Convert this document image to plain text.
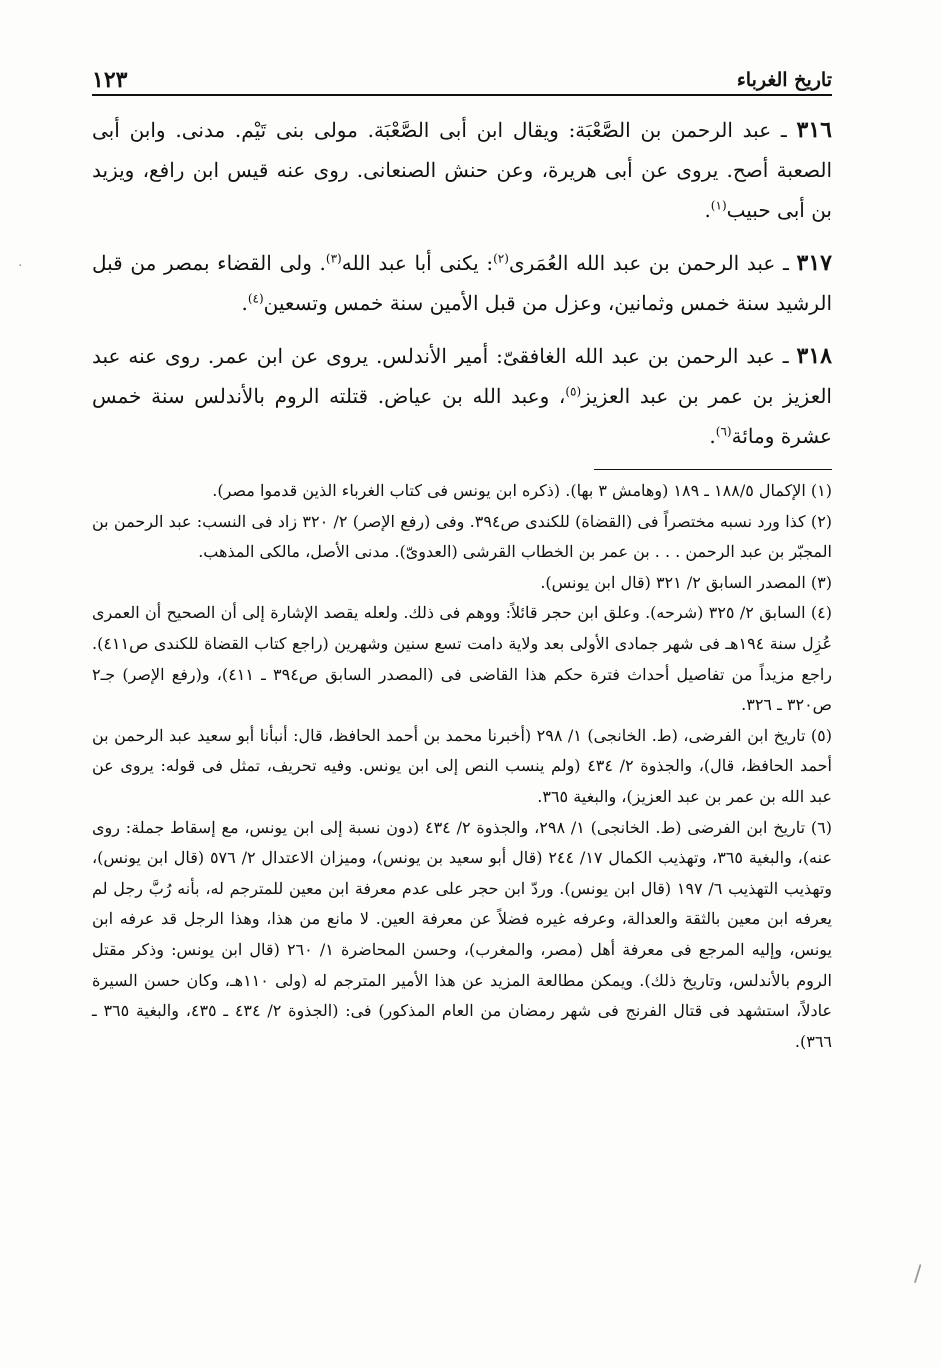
تاريخ الغرباء
١٢٣

٣١٦ ـ عبد الرحمن بن الصَّعْبَة: ويقال ابن أبى الصَّعْبَة. مولى بنى تَيْم. مدنى. وابن أبى الصعبة أصح. يروى عن أبى هريرة، وعن حنش الصنعانى. روى عنه قيس ابن رافع، ويزيد بن أبى حبيب$^{(١)}$.

٣١٧ ـ عبد الرحمن بن عبد الله العُمَرى$^{(٢)}$: يكنى أبا عبد الله$^{(٣)}$. ولى القضاء بمصر من قبل الرشيد سنة خمس وثمانين، وعزل من قبل الأمين سنة خمس وتسعين$^{(٤)}$.

٣١٨ ـ عبد الرحمن بن عبد الله الغافقىّ: أمير الأندلس. يروى عن ابن عمر. روى عنه عبد العزيز بن عمر بن عبد العزيز$^{(٥)}$، وعبد الله بن عياض. قتلته الروم بالأندلس سنة خمس عشرة ومائة$^{(٦)}$.

(١) الإكمال ١٨٨/٥ ـ ١٨٩ (وهامش ٣ بها). (ذكره ابن يونس فى كتاب الغرباء الذين قدموا مصر).

(٢) كذا ورد نسبه مختصراً فى (القضاة) للكندى ص٣٩٤. وفى (رفع الإصر) ٢/ ٣٢٠ زاد فى النسب: عبد الرحمن بن المجبّر بن عبد الرحمن . . . بن عمر بن الخطاب القرشى (العدوىّ). مدنى الأصل، مالكى المذهب.

(٣) المصدر السابق ٢/ ٣٢١ (قال ابن يونس).

(٤) السابق ٢/ ٣٢٥ (شرحه). وعلق ابن حجر قائلاً: ووهم فى ذلك. ولعله يقصد الإشارة إلى أن الصحيح أن العمرى عُزِل سنة ١٩٤هـ فى شهر جمادى الأولى بعد ولاية دامت تسع سنين وشهرين (راجع كتاب القضاة للكندى ص٤١١). راجع مزيداً من تفاصيل أحداث فترة حكم هذا القاضى فى (المصدر السابق ص٣٩٤ ـ ٤١١)، و(رفع الإصر) جـ٢ ص٣٢٠ ـ ٣٢٦.

(٥) تاريخ ابن الفرضى، (ط. الخانجى) ١/ ٢٩٨ (أخبرنا محمد بن أحمد الحافظ، قال: أنبأنا أبو سعيد عبد الرحمن بن أحمد الحافظ، قال)، والجذوة ٢/ ٤٣٤ (ولم ينسب النص إلى ابن يونس. وفيه تحريف، تمثل فى قوله: يروى عن عبد الله بن عمر بن عبد العزيز)، والبغية ٣٦٥.

(٦) تاريخ ابن الفرضى (ط. الخانجى) ١/ ٢٩٨، والجذوة ٢/ ٤٣٤ (دون نسبة إلى ابن يونس، مع إسقاط جملة: روى عنه)، والبغية ٣٦٥، وتهذيب الكمال ١٧/ ٢٤٤ (قال أبو سعيد بن يونس)، وميزان الاعتدال ٢/ ٥٧٦ (قال ابن يونس)، وتهذيب التهذيب ٦/ ١٩٧ (قال ابن يونس). وردّ ابن حجر على عدم معرفة ابن معين للمترجم له، بأنه رُبَّ رجل لم يعرفه ابن معين بالثقة والعدالة، وعرفه غيره فضلاً عن معرفة العين. لا مانع من هذا، وهذا الرجل قد عرفه ابن يونس، وإليه المرجع فى معرفة أهل (مصر، والمغرب)، وحسن المحاضرة ١/ ٢٦٠ (قال ابن يونس: وذكر مقتل الروم بالأندلس، وتاريخ ذلك). ويمكن مطالعة المزيد عن هذا الأمير المترجم له (ولى ١١٠هـ، وكان حسن السيرة عادلاً، استشهد فى قتال الفرنج فى شهر رمضان من العام المذكور) فى: (الجذوة ٢/ ٤٣٤ ـ ٤٣٥، والبغية ٣٦٥ ـ ٣٦٦).

/
·
